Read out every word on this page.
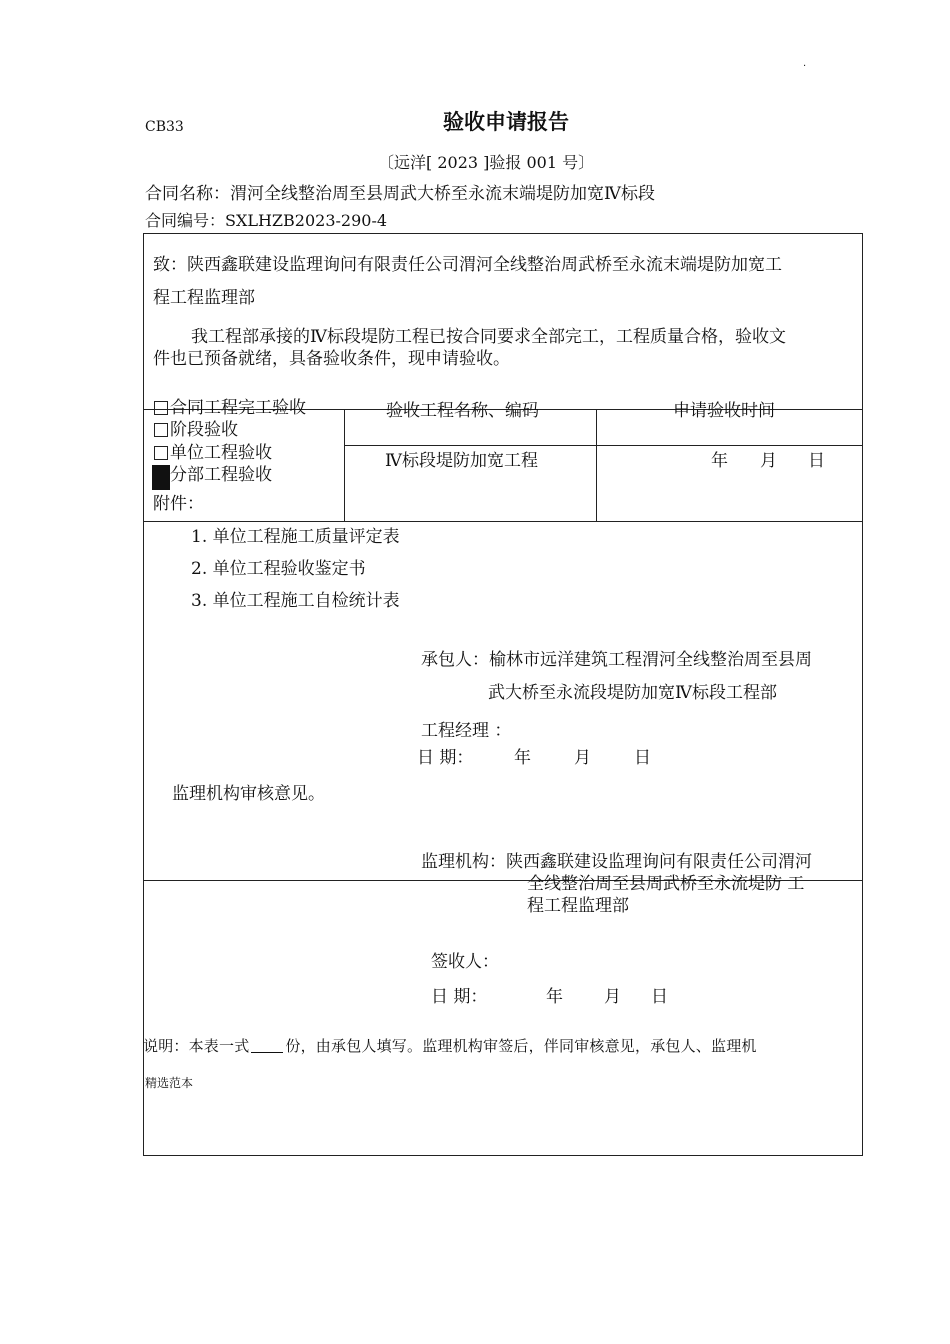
.
CB33	验收申请报告
〔远洋[ 2023 ]验报 001 号〕
合同名称：渭河全线整治周至县周武大桥至永流末端堤防加宽Ⅳ标段
合同编号：SXLHZB2023-290-4
致：陕西鑫联建设监理询问有限责任公司渭河全线整治周武桥至永流末端堤防加宽工
程工程监理部
我工程部承接的Ⅳ标段堤防工程已按合同要求全部完工，工程质量合格，验收文
件也已预备就绪，具备验收条件，现申请验收。
合同工程完工验收
阶段验收
单位工程验收
分部工程验收
验收工程名称、编码	申请验收时间
Ⅳ标段堤防加宽工程	年 月 日
附件：
1. 单位工程施工质量评定表
2. 单位工程验收鉴定书
3. 单位工程施工自检统计表
承包人：榆林市远洋建筑工程渭河全线整治周至县周
武大桥至永流段堤防加宽Ⅳ标段工程部
工程经理 ：
日 期： 年	月	日
监理机构审核意见。
监理机构：陕西鑫联建设监理询问有限责任公司渭河
全线整治周至县周武桥至永流堤防 工
程工程监理部
签收人：
日 期：	年 月 日
说明：本表一式 份，由承包人填写。监理机构审签后，伴同审核意见，承包人、监理机
精选范本
